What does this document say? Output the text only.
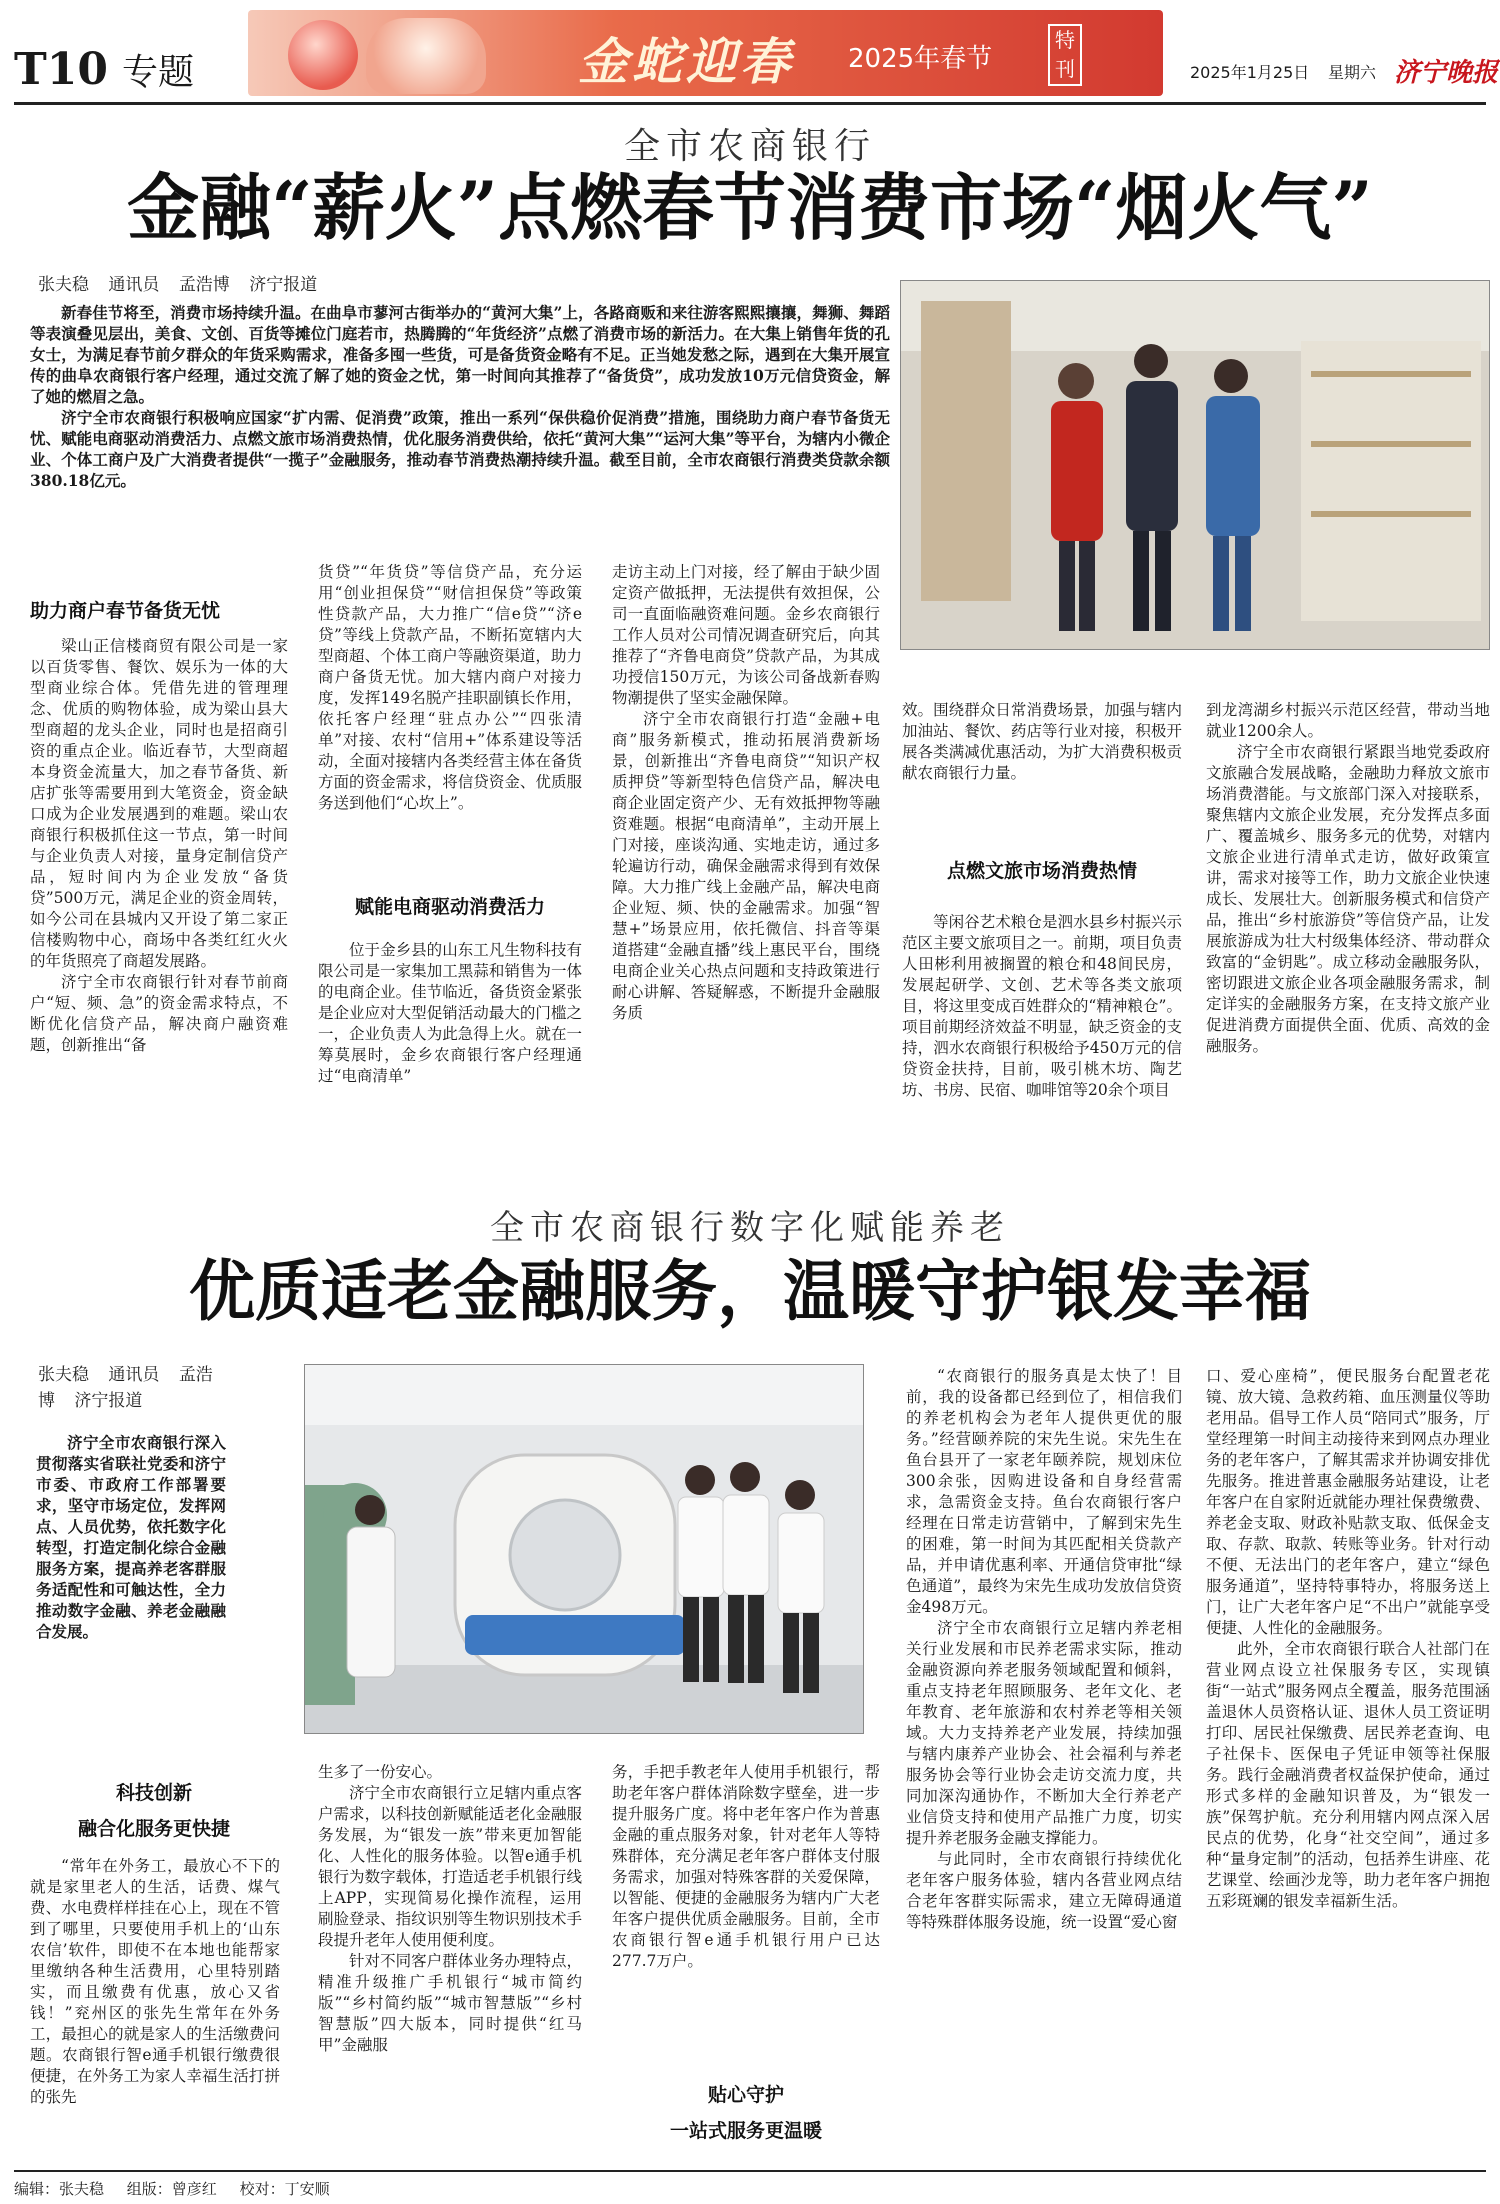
T10 专题	金蛇迎春 2025年春节
特刊	2025年1月25日	星期六 济宁晚报
全市农商银行
金融“薪火”点燃春节消费市场“烟火气”
张夫稳 通讯员 孟浩博 济宁报道

新春佳节将至，消费市场持续升温。在曲阜市蓼河古街举办的“黄河大集”上，各路商贩和来往游客熙熙攘攘，舞狮、舞蹈等表演叠见层出，美食、文创、百货等摊位门庭若市，热腾腾的“年货经济”点燃了消费市场的新活力。在大集上销售年货的孔女士，为满足春节前夕群众的年货采购需求，准备多囤一些货，可是备货资金略有不足。正当她发愁之际，遇到在大集开展宣传的曲阜农商银行客户经理，通过交流了解了她的资金之忧，第一时间向其推荐了“备货贷”，成功发放10万元信贷资金，解了她的燃眉之急。

济宁全市农商银行积极响应国家“扩内需、促消费”政策，推出一系列“保供稳价促消费”措施，围绕助力商户春节备货无忧、赋能电商驱动消费活力、点燃文旅市场消费热情，优化服务消费供给，依托“黄河大集”“运河大集”等平台，为辖内小微企业、个体工商户及广大消费者提供“一揽子”金融服务，推动春节消费热潮持续升温。截至目前，全市农商银行消费类贷款余额380.18亿元。

助力商户春节备货无忧

梁山正信楼商贸有限公司是一家以百货零售、餐饮、娱乐为一体的大型商业综合体。凭借先进的管理理念、优质的购物体验，成为梁山县大型商超的龙头企业，同时也是招商引资的重点企业。临近春节，大型商超本身资金流量大，加之春节备货、新店扩张等需要用到大笔资金，资金缺口成为企业发展遇到的难题。梁山农商银行积极抓住这一节点，第一时间与企业负责人对接，量身定制信贷产品，短时间内为企业发放“备货贷”500万元，满足企业的资金周转，如今公司在县城内又开设了第二家正信楼购物中心，商场中各类红红火火的年货照亮了商超发展路。

济宁全市农商银行针对春节前商户“短、频、急”的资金需求特点，不断优化信贷产品，解决商户融资难题，创新推出“备

货贷”“年货贷”等信贷产品，充分运用“创业担保贷”“财信担保贷”等政策性贷款产品，大力推广“信e贷”“济e贷”等线上贷款产品，不断拓宽辖内大型商超、个体工商户等融资渠道，助力商户备货无忧。加大辖内商户对接力度，发挥149名脱产挂职副镇长作用，依托客户经理“驻点办公”“四张清单”对接、农村“信用+”体系建设等活动，全面对接辖内各类经营主体在备货方面的资金需求，将信贷资金、优质服务送到他们“心坎上”。

赋能电商驱动消费活力

位于金乡县的山东工凡生物科技有限公司是一家集加工黑蒜和销售为一体的电商企业。佳节临近，备货资金紧张是企业应对大型促销活动最大的门槛之一，企业负责人为此急得上火。就在一筹莫展时，金乡农商银行客户经理通过“电商清单”

走访主动上门对接，经了解由于缺少固定资产做抵押，无法提供有效担保，公司一直面临融资难问题。金乡农商银行工作人员对公司情况调查研究后，向其推荐了“齐鲁电商贷”贷款产品，为其成功授信150万元，为该公司备战新春购物潮提供了坚实金融保障。

济宁全市农商银行打造“金融+电商”服务新模式，推动拓展消费新场景，创新推出“齐鲁电商贷”“知识产权质押贷”等新型特色信贷产品，解决电商企业固定资产少、无有效抵押物等融资难题。根据“电商清单”，主动开展上门对接，座谈沟通、实地走访，通过多轮遍访行动，确保金融需求得到有效保障。大力推广线上金融产品，解决电商企业短、频、快的金融需求。加强“智慧+”场景应用，依托微信、抖音等渠道搭建“金融直播”线上惠民平台，围绕电商企业关心热点问题和支持政策进行耐心讲解、答疑解惑，不断提升金融服务质

效。围绕群众日常消费场景，加强与辖内加油站、餐饮、药店等行业对接，积极开展各类满减优惠活动，为扩大消费积极贡献农商银行力量。

点燃文旅市场消费热情

等闲谷艺术粮仓是泗水县乡村振兴示范区主要文旅项目之一。前期，项目负责人田彬利用被搁置的粮仓和48间民房，发展起研学、文创、艺术等各类文旅项目，将这里变成百姓群众的“精神粮仓”。项目前期经济效益不明显，缺乏资金的支持，泗水农商银行积极给予450万元的信贷资金扶持，目前，吸引桃木坊、陶艺坊、书房、民宿、咖啡馆等20余个项目

到龙湾湖乡村振兴示范区经营，带动当地就业1200余人。

济宁全市农商银行紧跟当地党委政府文旅融合发展战略，金融助力释放文旅市场消费潜能。与文旅部门深入对接联系，聚焦辖内文旅企业发展，充分发挥点多面广、覆盖城乡、服务多元的优势，对辖内文旅企业进行清单式走访，做好政策宣讲，需求对接等工作，助力文旅企业快速成长、发展壮大。创新服务模式和信贷产品，推出“乡村旅游贷”等信贷产品，让发展旅游成为壮大村级集体经济、带动群众致富的“金钥匙”。成立移动金融服务队，密切跟进文旅企业各项金融服务需求，制定详实的金融服务方案，在支持文旅产业促进消费方面提供全面、优质、高效的金融服务。

全市农商银行数字化赋能养老
优质适老金融服务，温暖守护银发幸福
张夫稳 通讯员 孟浩博 济宁报道

济宁全市农商银行深入贯彻落实省联社党委和济宁市委、市政府工作部署要求，坚守市场定位，发挥网点、人员优势，依托数字化转型，打造定制化综合金融服务方案，提高养老客群服务适配性和可触达性，全力推动数字金融、养老金融融合发展。

科技创新
融合化服务更快捷

“常年在外务工，最放心不下的就是家里老人的生活，话费、煤气费、水电费样样挂在心上，现在不管到了哪里，只要使用手机上的‘山东农信’软件，即使不在本地也能帮家里缴纳各种生活费用，心里特别踏实，而且缴费有优惠，放心又省钱！”兖州区的张先生常年在外务工，最担心的就是家人的生活缴费问题。农商银行智e通手机银行缴费很便捷，在外务工为家人幸福生活打拼的张先

生多了一份安心。

济宁全市农商银行立足辖内重点客户需求，以科技创新赋能适老化金融服务发展，为“银发一族”带来更加智能化、人性化的服务体验。以智e通手机银行为数字载体，打造适老手机银行线上APP，实现简易化操作流程，运用刷脸登录、指纹识别等生物识别技术手段提升老年人使用便利度。

针对不同客户群体业务办理特点，精准升级推广手机银行“城市简约版”“乡村简约版”“城市智慧版”“乡村智慧版”四大版本，同时提供“红马甲”金融服

务，手把手教老年人使用手机银行，帮助老年客户群体消除数字壁垒，进一步提升服务广度。将中老年客户作为普惠金融的重点服务对象，针对老年人等特殊群体，充分满足老年客户群体支付服务需求，加强对特殊客群的关爱保障，以智能、便捷的金融服务为辖内广大老年客户提供优质金融服务。目前，全市农商银行智e通手机银行用户已达277.7万户。

贴心守护
一站式服务更温暖

“农商银行的服务真是太快了！目前，我的设备都已经到位了，相信我们的养老机构会为老年人提供更优的服务。”经营颐养院的宋先生说。宋先生在鱼台县开了一家老年颐养院，规划床位300余张，因购进设备和自身经营需求，急需资金支持。鱼台农商银行客户经理在日常走访营销中，了解到宋先生的困难，第一时间为其匹配相关贷款产品，并申请优惠利率、开通信贷审批“绿色通道”，最终为宋先生成功发放信贷资金498万元。

济宁全市农商银行立足辖内养老相关行业发展和市民养老需求实际，推动金融资源向养老服务领域配置和倾斜，重点支持老年照顾服务、老年文化、老年教育、老年旅游和农村养老等相关领域。大力支持养老产业发展，持续加强与辖内康养产业协会、社会福利与养老服务协会等行业协会走访交流力度，共同加深沟通协作，不断加大全行养老产业信贷支持和使用产品推广力度，切实提升养老服务金融支撑能力。

与此同时，全市农商银行持续优化老年客户服务体验，辖内各营业网点结合老年客群实际需求，建立无障碍通道等特殊群体服务设施，统一设置“爱心窗

口、爱心座椅”，便民服务台配置老花镜、放大镜、急救药箱、血压测量仪等助老用品。倡导工作人员“陪同式”服务，厅堂经理第一时间主动接待来到网点办理业务的老年客户，了解其需求并协调安排优先服务。推进普惠金融服务站建设，让老年客户在自家附近就能办理社保费缴费、养老金支取、财政补贴款支取、低保金支取、存款、取款、转账等业务。针对行动不便、无法出门的老年客户，建立“绿色服务通道”，坚持特事特办，将服务送上门，让广大老年客户足“不出户”就能享受便捷、人性化的金融服务。

此外，全市农商银行联合人社部门在营业网点设立社保服务专区，实现镇街“一站式”服务网点全覆盖，服务范围涵盖退休人员资格认证、退休人员工资证明打印、居民社保缴费、居民养老查询、电子社保卡、医保电子凭证申领等社保服务。践行金融消费者权益保护使命，通过形式多样的金融知识普及，为“银发一族”保驾护航。充分利用辖内网点深入居民点的优势，化身“社交空间”，通过多种“量身定制”的活动，包括养生讲座、花艺课堂、绘画沙龙等，助力老年客户拥抱五彩斑斓的银发幸福新生活。

编辑：张夫稳 组版：曾彦红 校对：丁安顺
